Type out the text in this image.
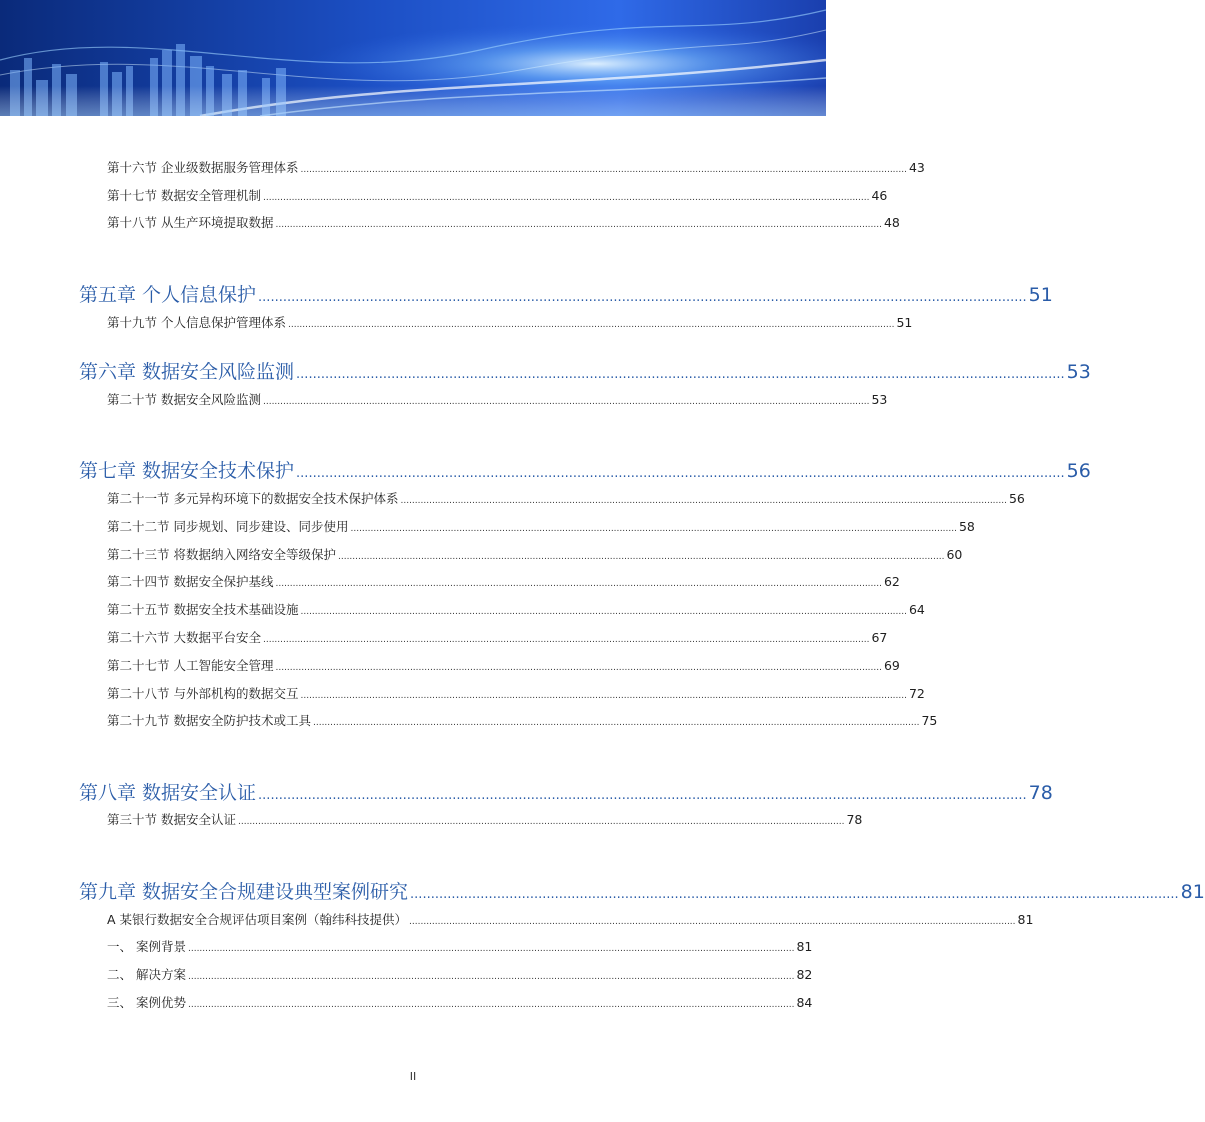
第十六节 企业级数据服务管理体系 .................................................................................................................................................................................................................... 43
第十七节 数据安全管理机制 .................................................................................................................................................................................................................... 46
第十八节 从生产环境提取数据 .................................................................................................................................................................................................................... 48
第五章 个人信息保护 .......................................................................................................................................................................................... 51
第十九节 个人信息保护管理体系 .................................................................................................................................................................................................................... 51
第六章 数据安全风险监测 .......................................................................................................................................................................................... 53
第二十节 数据安全风险监测 .................................................................................................................................................................................................................... 53
第七章 数据安全技术保护 .......................................................................................................................................................................................... 56
第二十一节 多元异构环境下的数据安全技术保护体系 .................................................................................................................................................................................................................... 56
第二十二节 同步规划、同步建设、同步使用 .................................................................................................................................................................................................................... 58
第二十三节 将数据纳入网络安全等级保护 .................................................................................................................................................................................................................... 60
第二十四节 数据安全保护基线 .................................................................................................................................................................................................................... 62
第二十五节 数据安全技术基础设施 .................................................................................................................................................................................................................... 64
第二十六节 大数据平台安全 .................................................................................................................................................................................................................... 67
第二十七节 人工智能安全管理 .................................................................................................................................................................................................................... 69
第二十八节 与外部机构的数据交互 .................................................................................................................................................................................................................... 72
第二十九节 数据安全防护技术或工具 .................................................................................................................................................................................................................... 75
第八章 数据安全认证 .......................................................................................................................................................................................... 78
第三十节 数据安全认证 .................................................................................................................................................................................................................... 78
第九章 数据安全合规建设典型案例研究 .......................................................................................................................................................................................... 81
A 某银行数据安全合规评估项目案例（翰纬科技提供） .................................................................................................................................................................................................................... 81
一、 案例背景 .................................................................................................................................................................................................................... 81
二、 解决方案 .................................................................................................................................................................................................................... 82
三、 案例优势 .................................................................................................................................................................................................................... 84
II
